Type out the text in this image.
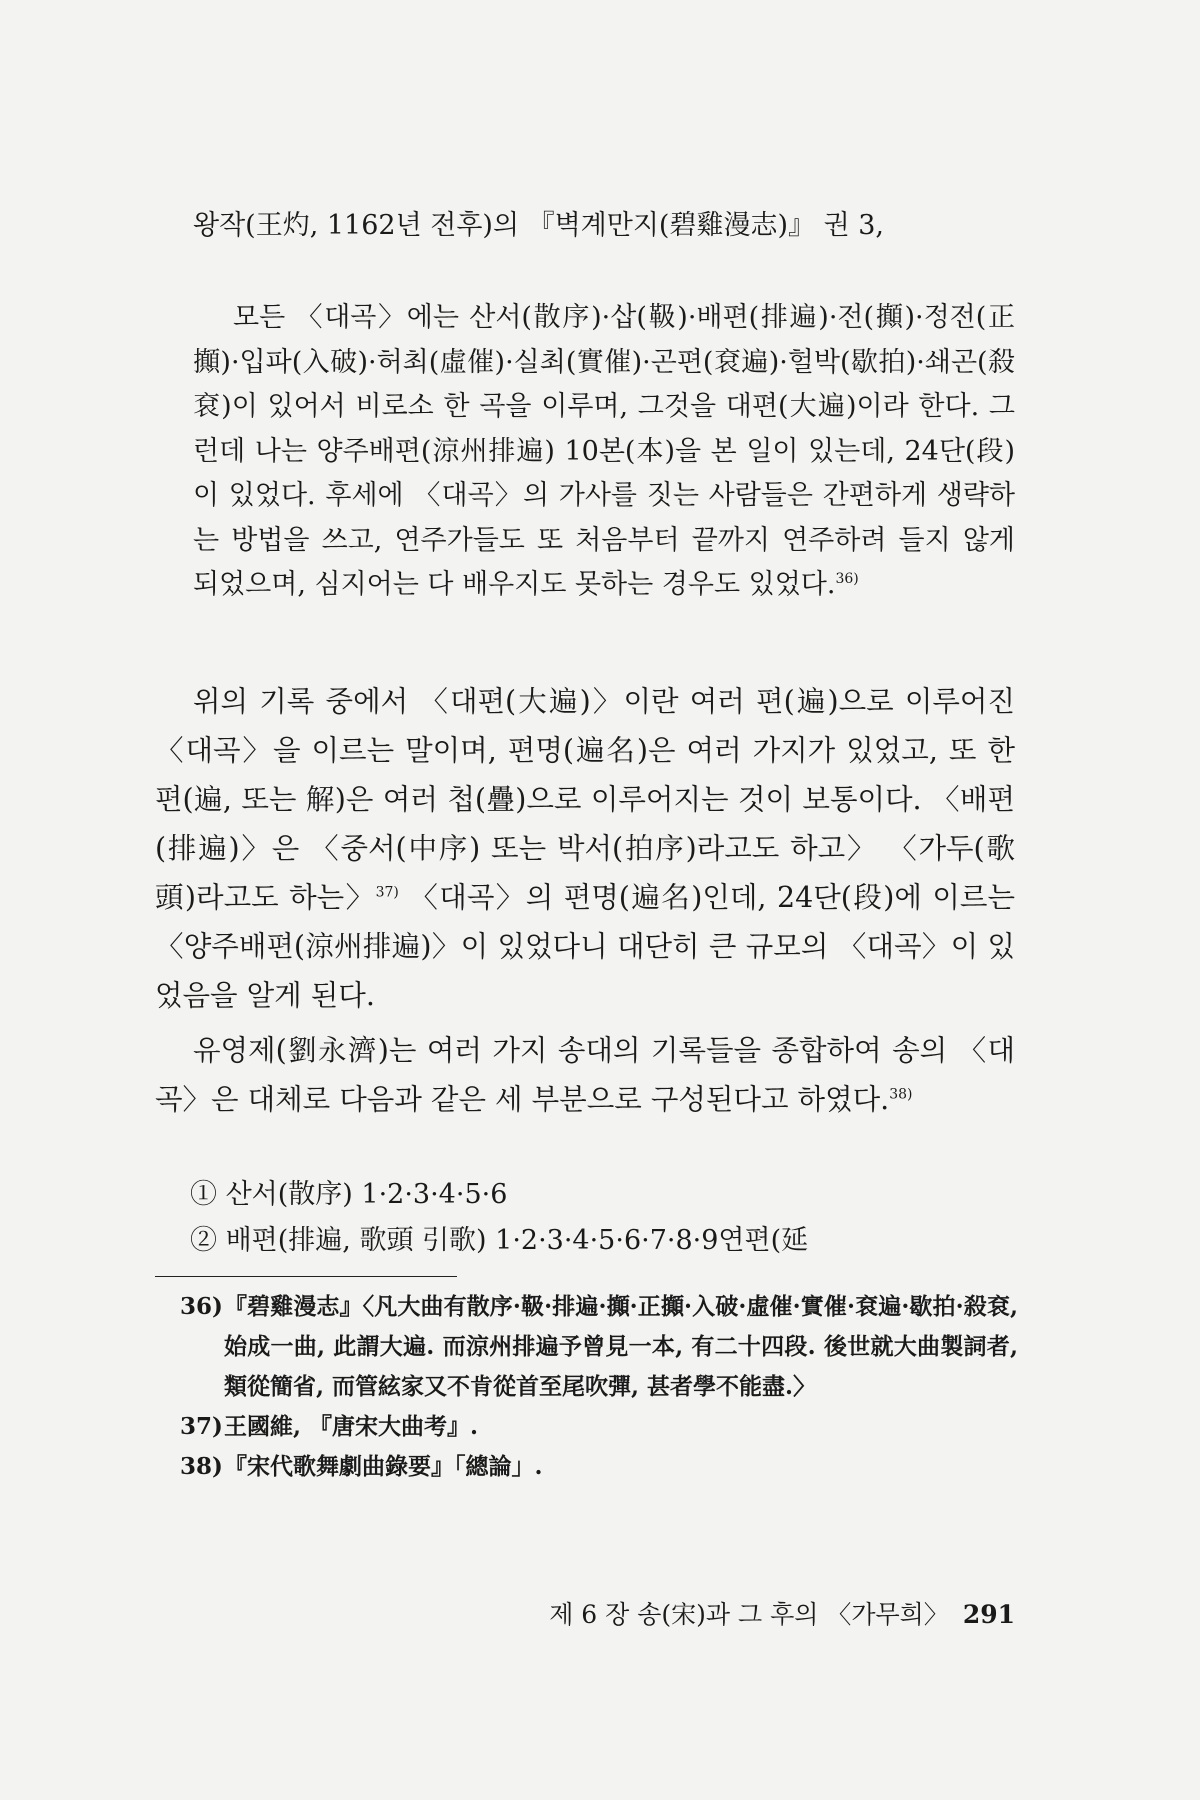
왕작(王灼, 1162년 전후)의 『벽계만지(碧雞漫志)』 권 3,

모든 〈대곡〉에는 산서(散序)·삽(靸)·배편(排遍)·전(攧)·정전(正攧)·입파(入破)·허최(虛催)·실최(實催)·곤편(袞遍)·헐박(歇拍)·쇄곤(殺袞)이 있어서 비로소 한 곡을 이루며, 그것을 대편(大遍)이라 한다. 그런데 나는 양주배편(涼州排遍) 10본(本)을 본 일이 있는데, 24단(段)이 있었다. 후세에 〈대곡〉의 가사를 짓는 사람들은 간편하게 생략하는 방법을 쓰고, 연주가들도 또 처음부터 끝까지 연주하려 들지 않게 되었으며, 심지어는 다 배우지도 못하는 경우도 있었다.$^{36)}$

위의 기록 중에서 〈대편(大遍)〉이란 여러 편(遍)으로 이루어진 〈대곡〉을 이르는 말이며, 편명(遍名)은 여러 가지가 있었고, 또 한 편(遍, 또는 解)은 여러 첩(疊)으로 이루어지는 것이 보통이다. 〈배편(排遍)〉은 〈중서(中序) 또는 박서(拍序)라고도 하고〉 〈가두(歌頭)라고도 하는〉$^{37)}$ 〈대곡〉의 편명(遍名)인데, 24단(段)에 이르는 〈양주배편(涼州排遍)〉이 있었다니 대단히 큰 규모의 〈대곡〉이 있었음을 알게 된다.

유영제(劉永濟)는 여러 가지 송대의 기록들을 종합하여 송의 〈대곡〉은 대체로 다음과 같은 세 부분으로 구성된다고 하였다.$^{38)}$

① 산서(散序) 1·2·3·4·5·6
② 배편(排遍, 歌頭 引歌) 1·2·3·4·5·6·7·8·9연편(延

36) 『碧雞漫志』〈凡大曲有散序·靸·排遍·攧·正攧·入破·虛催·實催·袞遍·歇拍·殺袞, 始成一曲, 此謂大遍. 而涼州排遍予曾見一本, 有二十四段. 後世就大曲製詞者, 類從簡省, 而管絃家又不肯從首至尾吹彈, 甚者學不能盡.〉

37) 王國維, 『唐宋大曲考』.

38) 『宋代歌舞劇曲錄要』「總論」.

제 6 장 송(宋)과 그 후의 〈가무희〉 291
